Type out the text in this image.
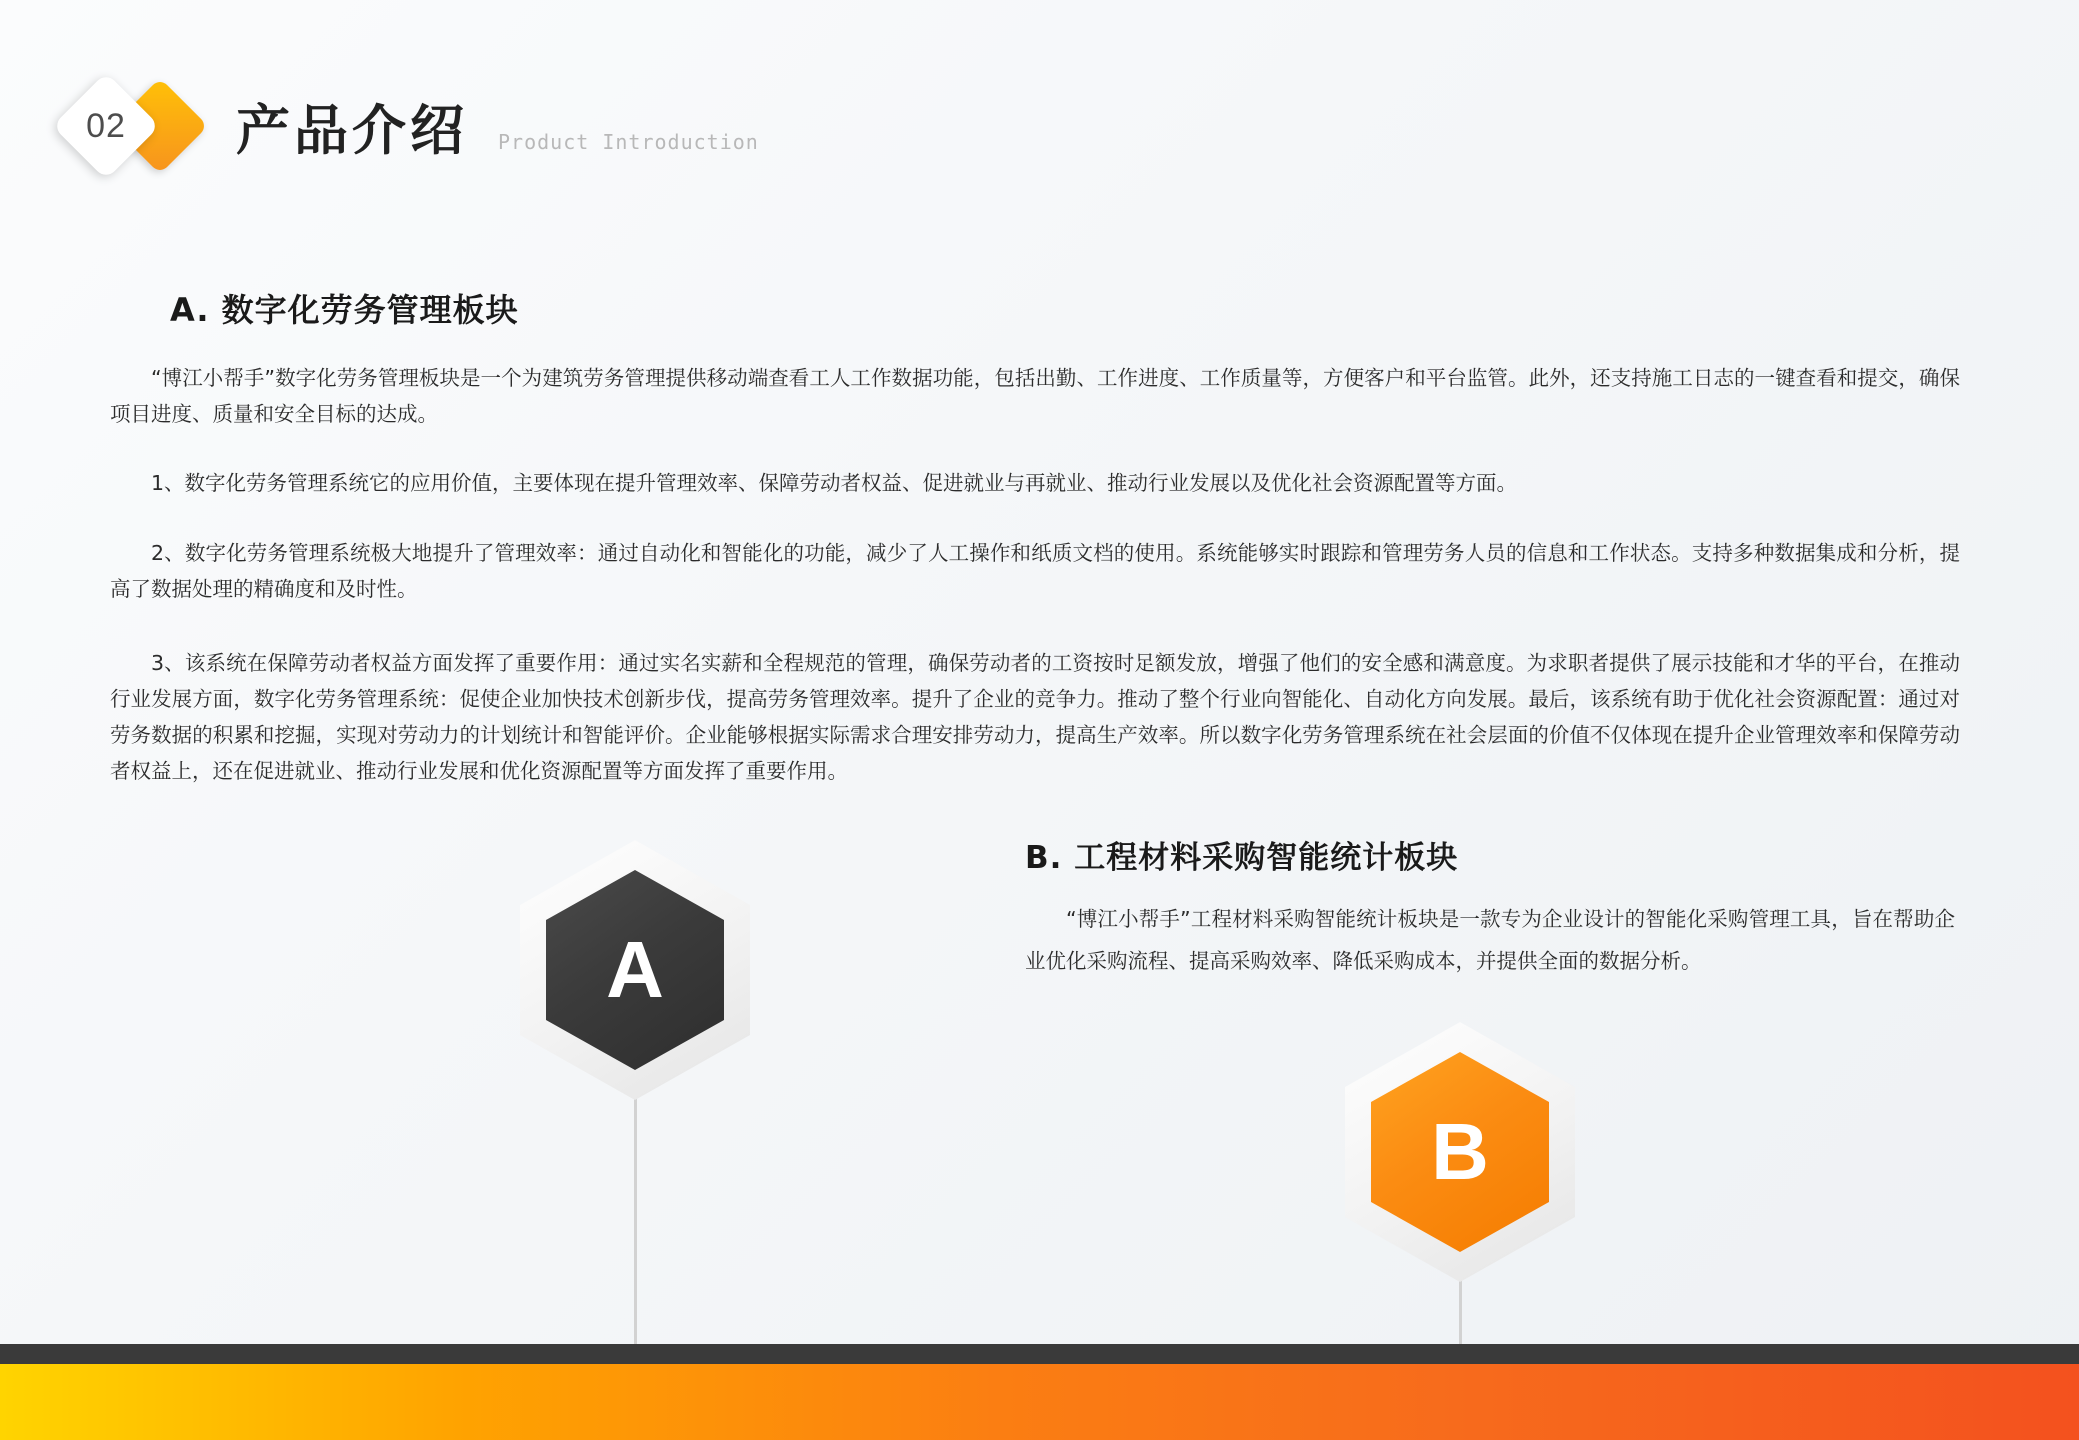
02	产品介绍 Product Introduction
A. 数字化劳务管理板块
“博江小帮手”数字化劳务管理板块是一个为建筑劳务管理提供移动端查看工人工作数据功能，包括出勤、工作进度、工作质量等，方便客户和平台监管。此外，还支持施工日志的一键查看和提交，确保项目进度、质量和安全目标的达成。
1、数字化劳务管理系统它的应用价值，主要体现在提升管理效率、保障劳动者权益、促进就业与再就业、推动行业发展以及优化社会资源配置等方面。
2、数字化劳务管理系统极大地提升了管理效率：通过自动化和智能化的功能，减少了人工操作和纸质文档的使用。系统能够实时跟踪和管理劳务人员的信息和工作状态。支持多种数据集成和分析，提高了数据处理的精确度和及时性。
3、该系统在保障劳动者权益方面发挥了重要作用：通过实名实薪和全程规范的管理，确保劳动者的工资按时足额发放，增强了他们的安全感和满意度。为求职者提供了展示技能和才华的平台，在推动行业发展方面，数字化劳务管理系统：促使企业加快技术创新步伐，提高劳务管理效率。提升了企业的竞争力。推动了整个行业向智能化、自动化方向发展。最后，该系统有助于优化社会资源配置：通过对劳务数据的积累和挖掘，实现对劳动力的计划统计和智能评价。企业能够根据实际需求合理安排劳动力，提高生产效率。所以数字化劳务管理系统在社会层面的价值不仅体现在提升企业管理效率和保障劳动者权益上，还在促进就业、推动行业发展和优化资源配置等方面发挥了重要作用。
B. 工程材料采购智能统计板块
“博江小帮手”工程材料采购智能统计板块是一款专为企业设计的智能化采购管理工具，旨在帮助企业优化采购流程、提高采购效率、降低采购成本，并提供全面的数据分析。
A
B
